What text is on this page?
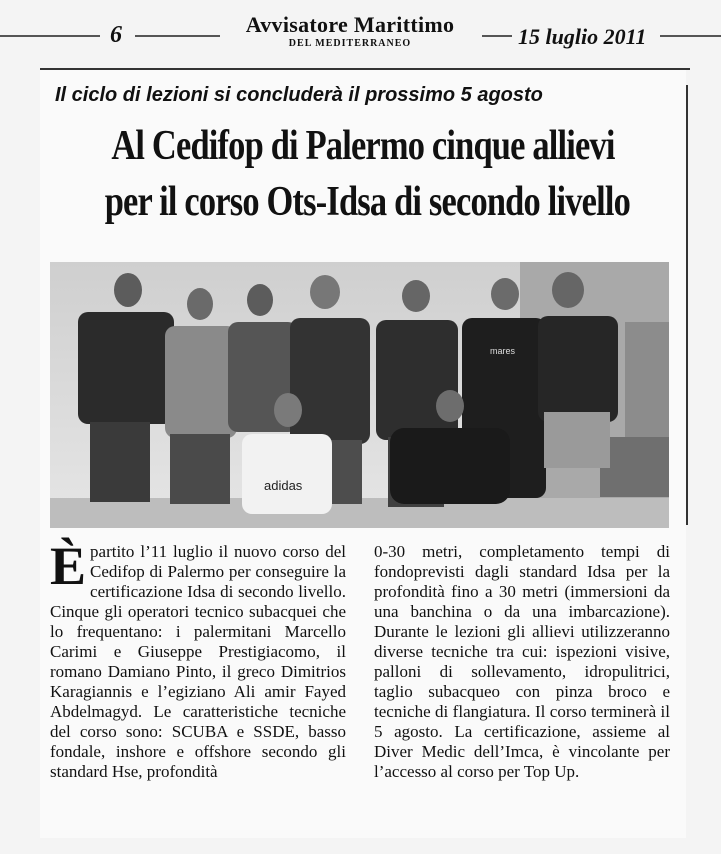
6	Avvisatore Marittimo
DEL MEDITERRANEO	15 luglio 2011
Il ciclo di lezioni si concluderà il prossimo 5 agosto
Al Cedifop di Palermo cinque allievi
per il corso Ots-Idsa di secondo livello
adidas
mares
Èpartito l’11 luglio il nuovo corso del Cedifop di Palermo per conseguire la certificazione Idsa di secondo livello. Cinque gli operatori tecnico subacquei che lo frequentano: i palermitani Marcello Carimi e Giuseppe Prestigiacomo, il romano Damiano Pinto, il greco Dimitrios Karagiannis e l’egiziano Ali amir Fayed Abdelmagyd. Le caratteristiche tecniche del corso sono: SCUBA e SSDE, basso fondale, inshore e offshore secondo gli standard Hse, profondità
0-30 metri, completamento tempi di fondoprevisti dagli standard Idsa per la profondità fino a 30 metri (immersioni da una banchina o da una imbarcazione). Durante le lezioni gli allievi utilizzeranno diverse tecniche tra cui: ispezioni visive, palloni di sollevamento, idropulitrici, taglio subacqueo con pinza broco e tecniche di flangiatura. Il corso terminerà il 5 agosto. La certificazione, assieme al Diver Medic dell’Imca, è vincolante per l’accesso al corso per Top Up.
